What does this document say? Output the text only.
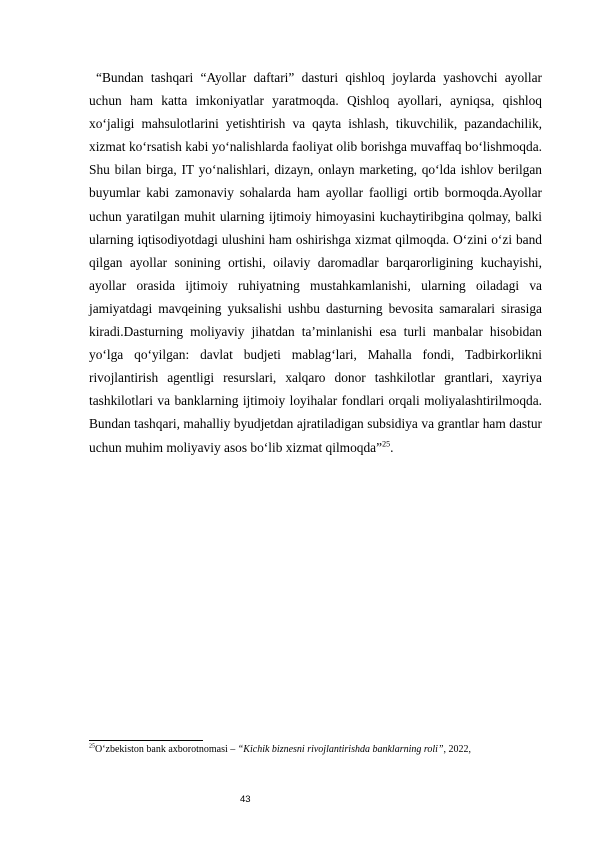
“Bundan tashqari “Ayollar daftari” dasturi qishloq joylarda yashovchi ayollar uchun ham katta imkoniyatlar yaratmoqda. Qishloq ayollari, ayniqsa, qishloq xo‘jaligi mahsulotlarini yetishtirish va qayta ishlash, tikuvchilik, pazandachilik, xizmat ko‘rsatish kabi yo‘nalishlarda faoliyat olib borishga muvaffaq bo‘lishmoqda. Shu bilan birga, IT yo‘nalishlari, dizayn, onlayn marketing, qo‘lda ishlov berilgan buyumlar kabi zamonaviy sohalarda ham ayollar faolligi ortib bormoqda.Ayollar uchun yaratilgan muhit ularning ijtimoiy himoyasini kuchaytiribgina qolmay, balki ularning iqtisodiyotdagi ulushini ham oshirishga xizmat qilmoqda. O‘zini o‘zi band qilgan ayollar sonining ortishi, oilaviy daromadlar barqarorligining kuchayishi, ayollar orasida ijtimoiy ruhiyatning mustahkamlanishi, ularning oiladagi va jamiyatdagi mavqeining yuksalishi ushbu dasturning bevosita samaralari sirasiga kiradi.Dasturning moliyaviy jihatdan ta’minlanishi esa turli manbalar hisobidan yo‘lga qo‘yilgan: davlat budjeti mablag‘lari, Mahalla fondi, Tadbirkorlikni rivojlantirish agentligi resurslari, xalqaro donor tashkilotlar grantlari, xayriya tashkilotlari va banklarning ijtimoiy loyihalar fondlari orqali moliyalashtirilmoqda. Bundan tashqari, mahalliy byudjetdan ajratiladigan subsidiya va grantlar ham dastur uchun muhim moliyaviy asos bo‘lib xizmat qilmoqda”$^{25}$.

$^{25}$O‘zbekiston bank axborotnomasi – “Kichik biznesni rivojlantirishda banklarning roli”, 2022,

43
